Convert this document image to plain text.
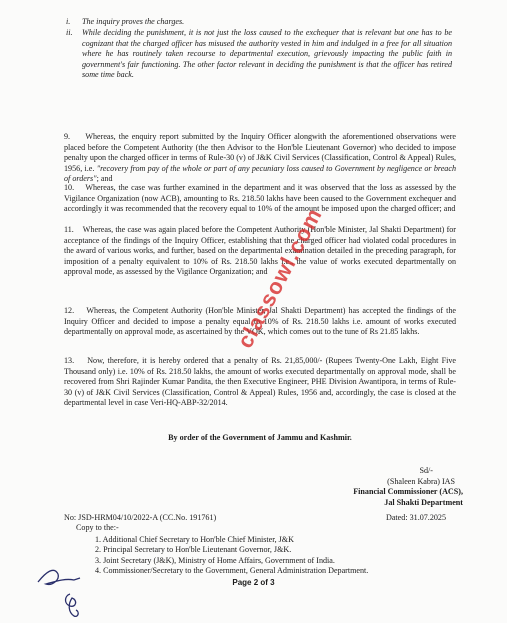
i. The inquiry proves the charges.
ii. While deciding the punishment, it is not just the loss caused to the exchequer that is relevant but one has to be cognizant that the charged officer has misused the authority vested in him and indulged in a free for all situation where he has routinely taken recourse to departmental execution, grievously impacting the public faith in government's fair functioning. The other factor relevant in deciding the punishment is that the officer has retired some time back.
9. Whereas, the enquiry report submitted by the Inquiry Officer alongwith the aforementioned observations were placed before the Competent Authority (the then Advisor to the Hon'ble Lieutenant Governor) who decided to impose penalty upon the charged officer in terms of Rule-30 (v) of J&K Civil Services (Classification, Control & Appeal) Rules, 1956, i.e. "recovery from pay of the whole or part of any pecuniary loss caused to Government by negligence or breach of orders"; and
10. Whereas, the case was further examined in the department and it was observed that the loss as assessed by the Vigilance Organization (now ACB), amounting to Rs. 218.50 lakhs have been caused to the Government exchequer and accordingly it was recommended that the recovery equal to 10% of the amount be imposed upon the charged officer; and
11. Whereas, the case was again placed before the Competent Authority (Hon'ble Minister, Jal Shakti Department) for acceptance of the findings of the Inquiry Officer, establishing that the charged officer had violated codal procedures in the award of various works, and further, based on the departmental examination detailed in the preceding paragraph, for imposition of a penalty equivalent to 10% of Rs. 218.50 lakhs i.e., the value of works executed departmentally on approval mode, as assessed by the Vigilance Organization; and
12. Whereas, the Competent Authority (Hon'ble Minister, Jal Shakti Department) has accepted the findings of the Inquiry Officer and decided to impose a penalty equal to 10% of Rs. 218.50 lakhs i.e. amount of works executed departmentally on approval mode, as ascertained by the VOK, which comes out to the tune of Rs 21.85 lakhs.
13. Now, therefore, it is hereby ordered that a penalty of Rs. 21,85,000/- (Rupees Twenty-One Lakh, Eight Five Thousand only) i.e. 10% of Rs. 218.50 lakhs, the amount of works executed departmentally on approval mode, shall be recovered from Shri Rajinder Kumar Pandita, the then Executive Engineer, PHE Division Awantipora, in terms of Rule-30 (v) of J&K Civil Services (Classification, Control & Appeal) Rules, 1956 and, accordingly, the case is closed at the departmental level in case Veri-HQ-ABP-32/2014.
By order of the Government of Jammu and Kashmir.
Sd/-
(Shaleen Kabra) IAS
Financial Commissioner (ACS),
Jal Shakti Department
No: JSD-HRM04/10/2022-A (CC.No. 191761)	Dated: 31.07.2025
Copy to the:-
1. Additional Chief Secretary to Hon'ble Chief Minister, J&K
2. Principal Secretary to Hon'ble Lieutenant Governor, J&K.
3. Joint Secretary (J&K), Ministry of Home Affairs, Government of India.
4. Commissioner/Secretary to the Government, General Administration Department.
Page 2 of 3
classowl.com
